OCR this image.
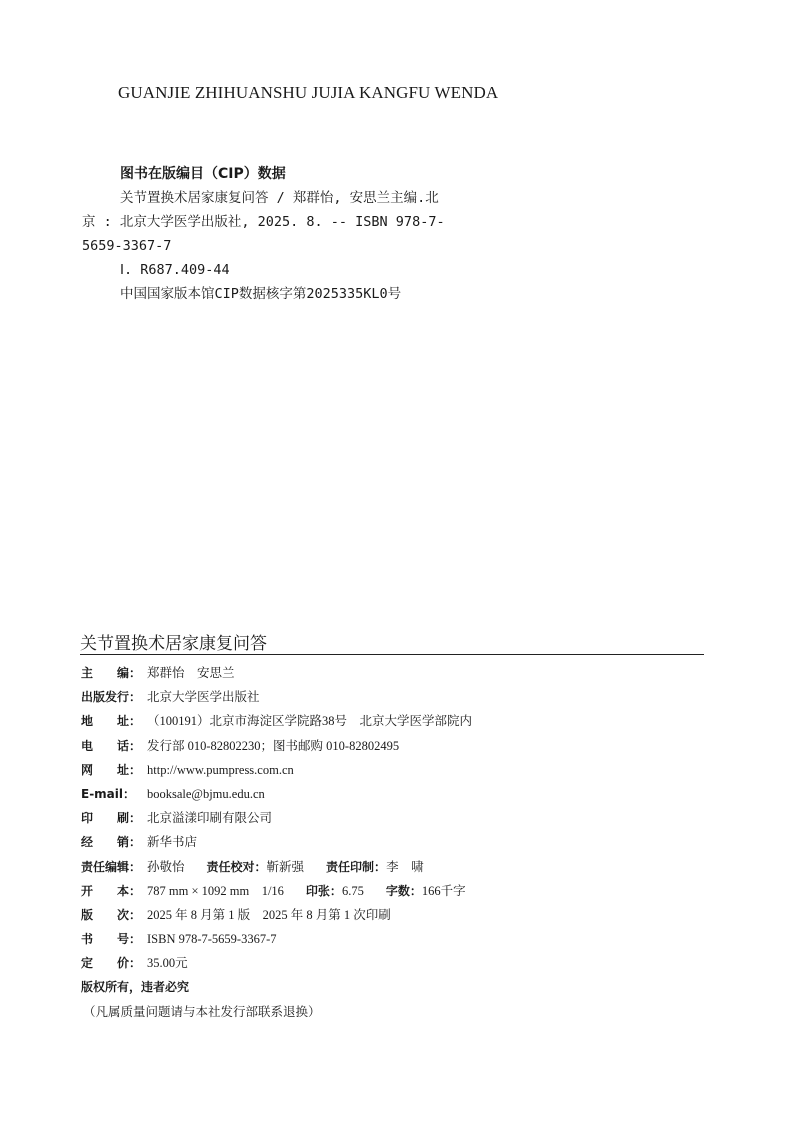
GUANJIE ZHIHUANSHU JUJIA KANGFU WENDA
图书在版编目（CIP）数据
关节置换术居家康复问答 / 郑群怡, 安思兰主编.北
京 : 北京大学医学出版社, 2025. 8. -- ISBN 978-7-
5659-3367-7
Ⅰ. R687.409-44
中国国家版本馆CIP数据核字第2025335KL0号
关节置换术居家康复问答
主　　编： 郑群怡　安思兰
出版发行： 北京大学医学出版社
地　　址： （100191）北京市海淀区学院路38号　北京大学医学部院内
电　　话： 发行部 010-82802230；图书邮购 010-82802495
网　　址： http://www.pumpress.com.cn
E-mail： booksale@bjmu.edu.cn
印　　刷： 北京溢漾印刷有限公司
经　　销： 新华书店
责任编辑： 孙敬怡 责任校对：靳新强 责任印制：李　啸
开　　本： 787 mm × 1092 mm　1/16 印张：6.75 字数：166千字
版　　次： 2025 年 8 月第 1 版　2025 年 8 月第 1 次印刷
书　　号： ISBN 978-7-5659-3367-7
定　　价： 35.00元
版权所有，违者必究
（凡属质量问题请与本社发行部联系退换）
